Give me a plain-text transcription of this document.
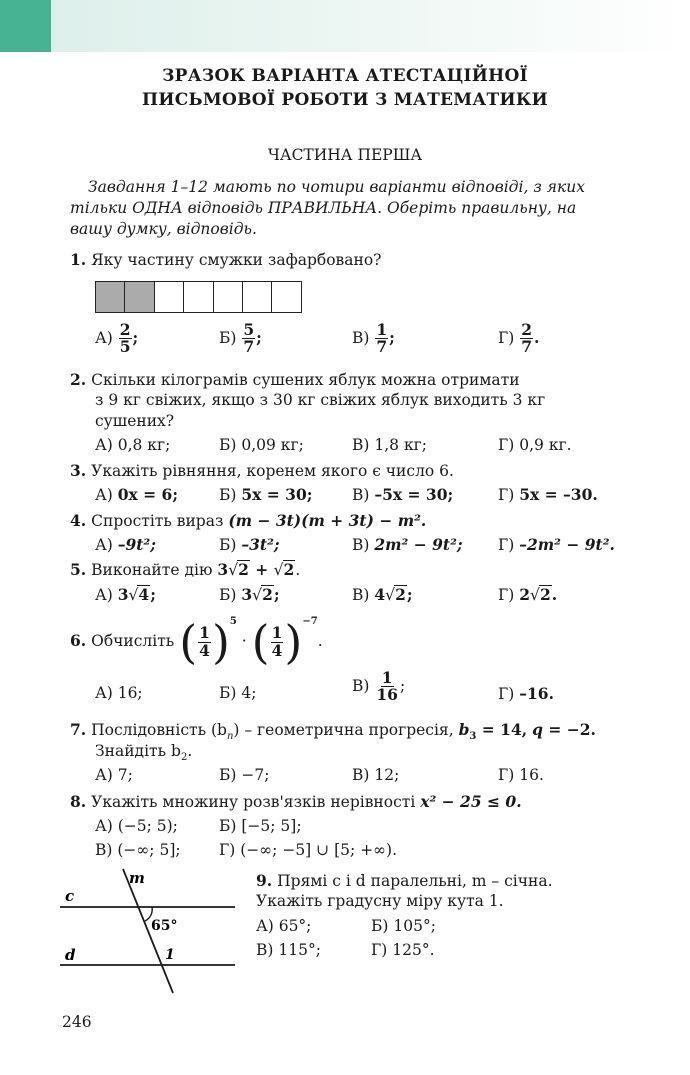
ЗРАЗОК ВАРІАНТА АТЕСТАЦІЙНОЇ
ПИСЬМОВОЇ РОБОТИ З МАТЕМАТИКИ
ЧАСТИНА ПЕРША
Завдання 1–12 мають по чотири варіанти відповіді, з яких
тільки ОДНА відповідь ПРАВИЛЬНА. Оберіть правильну, на
вашу думку, відповідь.
1. Яку частину смужки зафарбовано?
$А) \frac{2}{5}$ ;	$Б) \frac{5}{7}$ ;	$В) \frac{1}{7}$ ;	$Г) \frac{2}{7}$ .
2. Скільки кілограмів сушених яблук можна отримати
з 9 кг свіжих, якщо з 30 кг свіжих яблук виходить 3 кг
сушених?
А) 0,8 кг;	Б) 0,09 кг;	В) 1,8 кг;	Г) 0,9 кг.
3. Укажіть рівняння, коренем якого є число 6.
А) 0x = 6;	Б) 5x = 30;	В) –5x = 30;	Г) 5x = –30.
4. Спростіть вираз (m − 3t)(m + 3t) − m².
А) –9t²;	Б) –3t²;	В) 2m² − 9t²; Г) –2m² − 9t².
5. Виконайте дію 3√2 + √2.
А) 3√4;	Б) 3√2;	В) 4√2;	Г) 2√2.
6. Обчисліть ( $\frac{1}{4} )^5$ · ( $\frac{1}{4} )^{-7}$.
А) 16;	Б) 4;	$В) \frac{1}{16}$ ;	Г) –16.
7. Послідовність $(b_n)$ – геометрична прогресія, $b_3 = 14$, q = −2.
Знайдіть $b_2$.
А) 7;	Б) −7;	В) 12;	Г) 16.
8. Укажіть множину розв'язків нерівності x² − 25 ≤ 0.
А) (−5; 5);	Б) [−5; 5];
В) (−∞; 5]; Г) (−∞; −5] ∪ [5; +∞).
m
c
d
65°
1
9. Прямі c і d паралельні, m – січна.
Укажіть градусну міру кута 1.
А) 65°;	Б) 105°;
В) 115°;	Г) 125°.
246
